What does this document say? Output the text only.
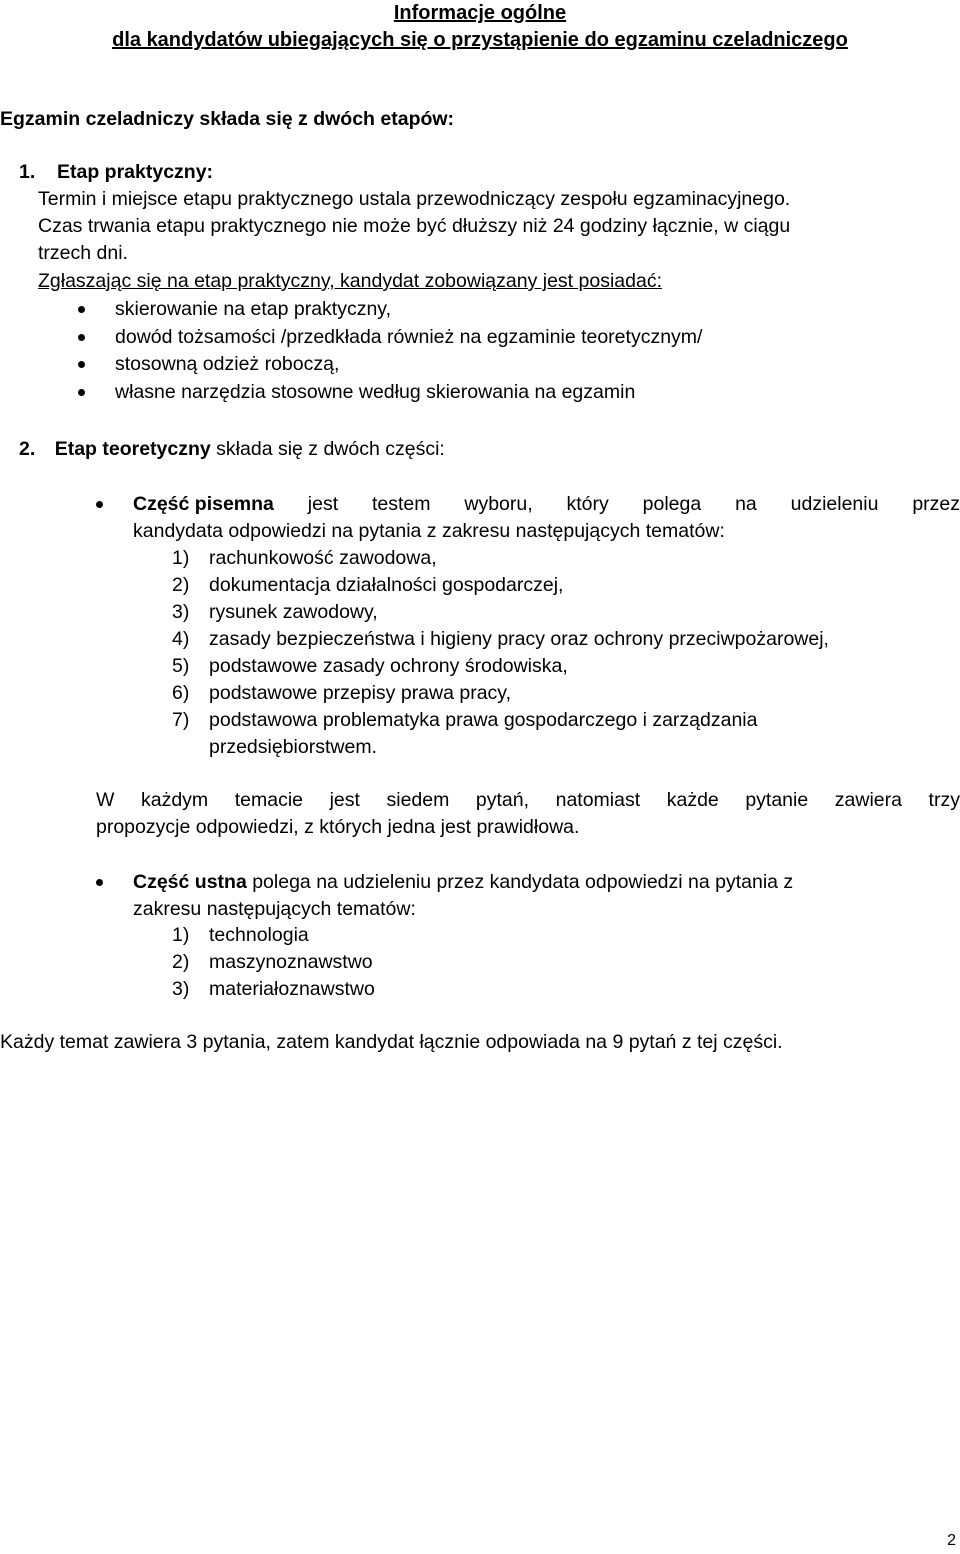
Informacje ogólne
dla kandydatów ubiegających się o przystąpienie do egzaminu czeladniczego
Egzamin czeladniczy składa się z dwóch etapów:
1. Etap praktyczny:
Termin i miejsce etapu praktycznego ustala przewodniczący zespołu egzaminacyjnego.
Czas trwania etapu praktycznego nie może być dłuższy niż 24 godziny łącznie, w ciągu
trzech dni.
Zgłaszając się na etap praktyczny, kandydat zobowiązany jest posiadać:
skierowanie na etap praktyczny,
dowód tożsamości /przedkłada również na egzaminie teoretycznym/
stosowną odzież roboczą,
własne narzędzia stosowne według skierowania na egzamin
2. Etap teoretyczny składa się z dwóch części:
Część pisemna jest testem wyboru, który polega na udzieleniu przez
kandydata odpowiedzi na pytania z zakresu następujących tematów:
1) rachunkowość zawodowa,
2) dokumentacja działalności gospodarczej,
3) rysunek zawodowy,
4) zasady bezpieczeństwa i higieny pracy oraz ochrony przeciwpożarowej,
5) podstawowe zasady ochrony środowiska,
6) podstawowe przepisy prawa pracy,
7) podstawowa problematyka prawa gospodarczego i zarządzania
przedsiębiorstwem.
W każdym temacie jest siedem pytań, natomiast każde pytanie zawiera trzy
propozycje odpowiedzi, z których jedna jest prawidłowa.
Część ustna polega na udzieleniu przez kandydata odpowiedzi na pytania z
zakresu następujących tematów:
1) technologia
2) maszynoznawstwo
3) materiałoznawstwo
Każdy temat zawiera 3 pytania, zatem kandydat łącznie odpowiada na 9 pytań z tej części.
2
